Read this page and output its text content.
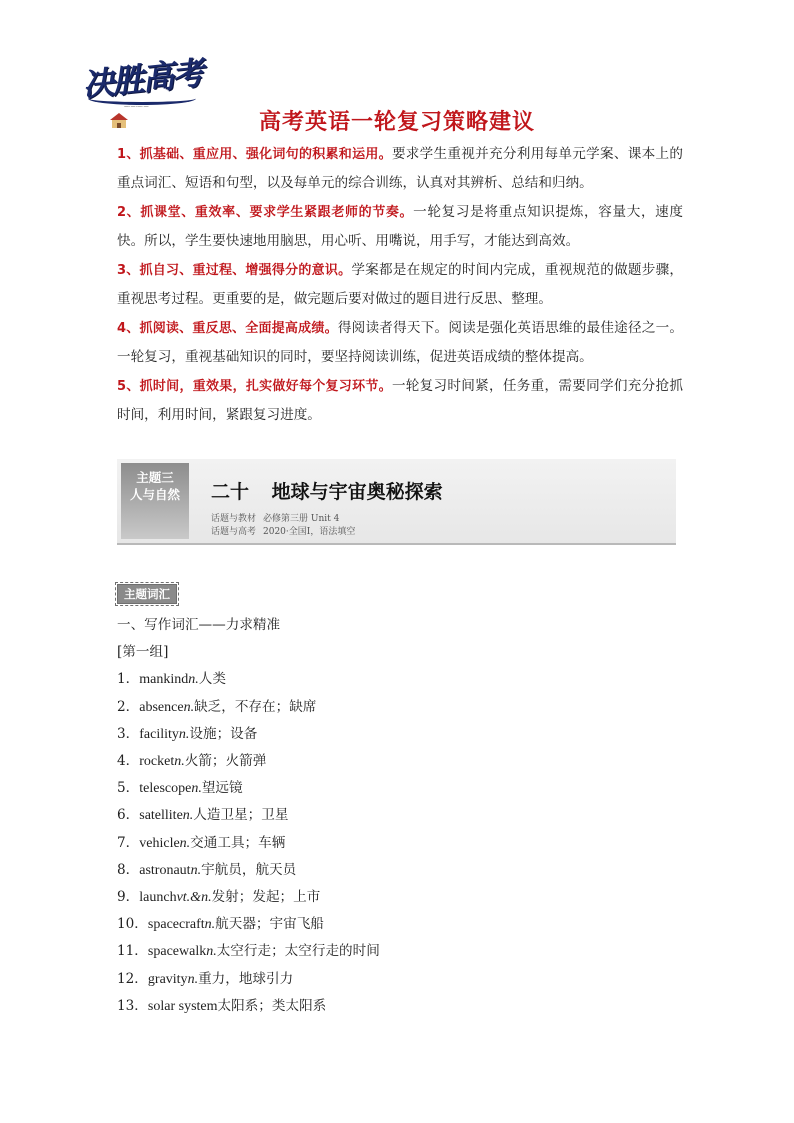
决胜高考
—·—·—·—
高考英语一轮复习策略建议

1、抓基础、重应用、强化词句的积累和运用。要求学生重视并充分利用每单元学案、课本上的重点词汇、短语和句型，以及每单元的综合训练，认真对其辨析、总结和归纳。

2、抓课堂、重效率、要求学生紧跟老师的节奏。一轮复习是将重点知识提炼，容量大，速度快。所以，学生要快速地用脑思，用心听、用嘴说，用手写，才能达到高效。

3、抓自习、重过程、增强得分的意识。学案都是在规定的时间内完成，重视规范的做题步骤，重视思考过程。更重要的是，做完题后要对做过的题目进行反思、整理。

4、抓阅读、重反思、全面提高成绩。得阅读者得天下。阅读是强化英语思维的最佳途径之一。一轮复习，重视基础知识的同时，要坚持阅读训练，促进英语成绩的整体提高。

5、抓时间，重效果，扎实做好每个复习环节。一轮复习时间紧，任务重，需要同学们充分抢抓时间，利用时间，紧跟复习进度。

主题三
人与自然	二十 地球与宇宙奥秘探索
话题与教材 必修第三册 Unit 4
话题与高考 2020·全国Ⅰ，语法填空
主题词汇
一、写作词汇——力求精准
[第一组]
1．mankindn.人类
2．absencen.缺乏，不存在；缺席
3．facilityn.设施；设备
4．rocketn.火箭；火箭弹
5．telescopen.望远镜
6．satelliten.人造卫星；卫星
7．vehiclen.交通工具；车辆
8．astronautn.宇航员，航天员
9．launchvt.&n.发射；发起；上市
10．spacecraftn.航天器；宇宙飞船
11．spacewalkn.太空行走；太空行走的时间
12．gravityn.重力，地球引力
13．solar system太阳系；类太阳系
